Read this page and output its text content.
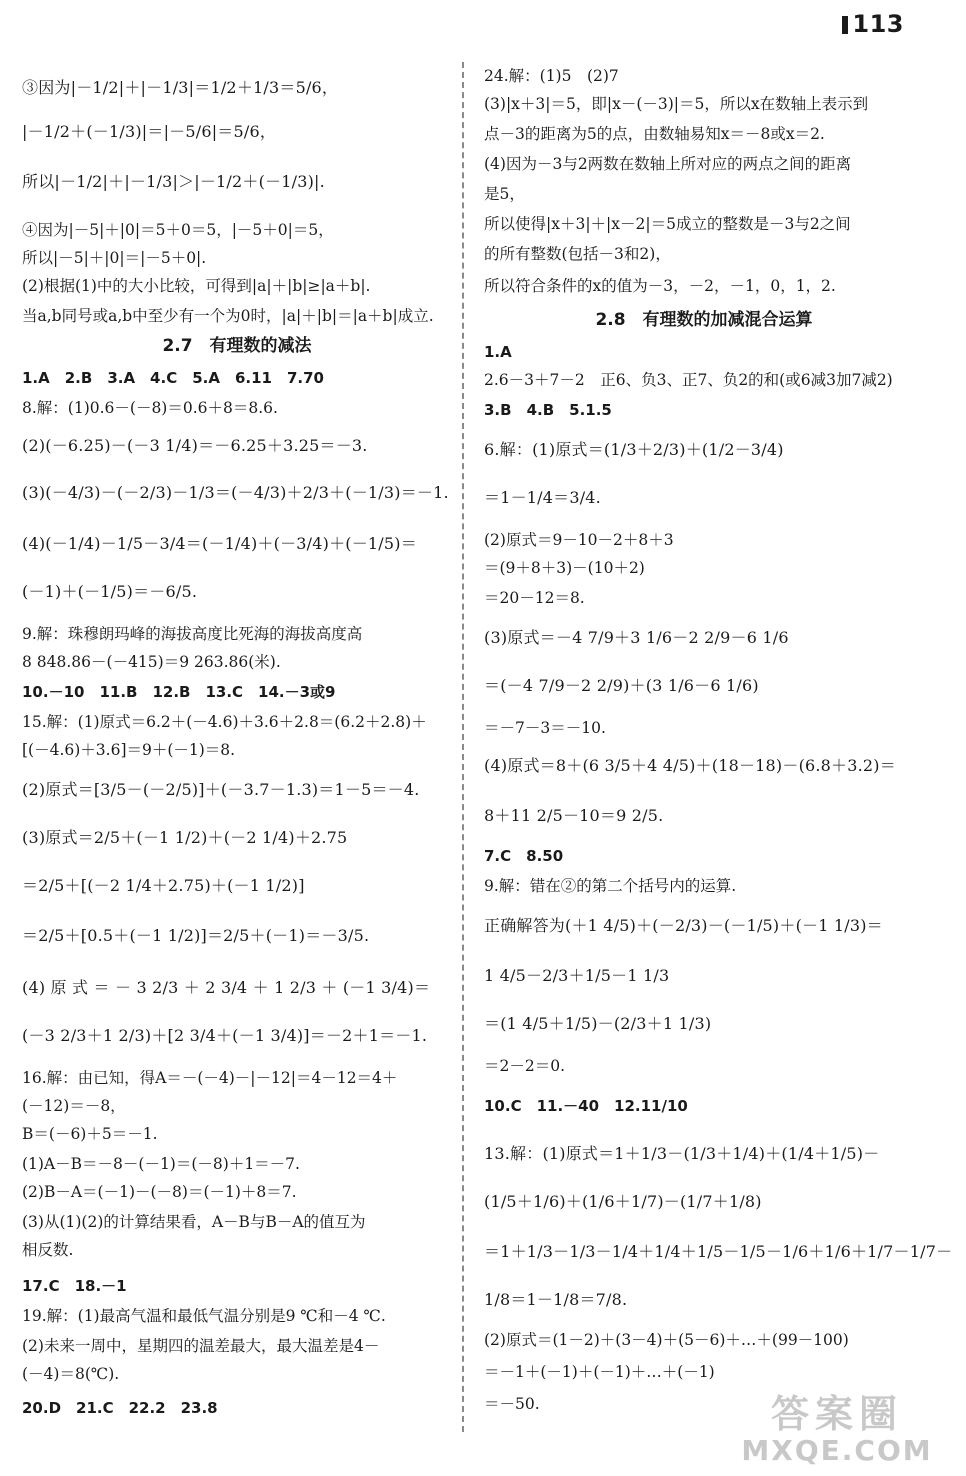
113
③因为|－1/2|＋|－1/3|＝1/2＋1/3＝5/6，
|－1/2＋(－1/3)|＝|－5/6|＝5/6，
所以|－1/2|＋|－1/3|＞|－1/2＋(－1/3)|.
④因为|－5|＋|0|＝5＋0＝5，|－5＋0|＝5，
所以|－5|＋|0|＝|－5＋0|.
(2)根据(1)中的大小比较，可得到|a|＋|b|≥|a＋b|.
当a,b同号或a,b中至少有一个为0时，|a|＋|b|＝|a＋b|成立.
2.7　有理数的减法
1.A　2.B　3.A　4.C　5.A　6.11　7.70
8.解：(1)0.6－(－8)＝0.6＋8＝8.6.
(2)(－6.25)－(－3 1/4)＝－6.25＋3.25＝－3.
(3)(－4/3)－(－2/3)－1/3＝(－4/3)＋2/3＋(－1/3)＝－1.
(4)(－1/4)－1/5－3/4＝(－1/4)＋(－3/4)＋(－1/5)＝
(－1)＋(－1/5)＝－6/5.
9.解：珠穆朗玛峰的海拔高度比死海的海拔高度高
8 848.86－(－415)＝9 263.86(米).
10.－10　11.B　12.B　13.C　14.－3或9
15.解：(1)原式＝6.2＋(－4.6)＋3.6＋2.8＝(6.2＋2.8)＋
[(－4.6)＋3.6]＝9＋(－1)＝8.
(2)原式＝[3/5－(－2/5)]＋(－3.7－1.3)＝1－5＝－4.
(3)原式＝2/5＋(－1 1/2)＋(－2 1/4)＋2.75
＝2/5＋[(－2 1/4＋2.75)＋(－1 1/2)]
＝2/5＋[0.5＋(－1 1/2)]＝2/5＋(－1)＝－3/5.
(4) 原 式 ＝ － 3 2/3 ＋ 2 3/4 ＋ 1 2/3 ＋ (－1 3/4)＝
(－3 2/3＋1 2/3)＋[2 3/4＋(－1 3/4)]＝－2＋1＝－1.
16.解：由已知，得A＝－(－4)－|－12|＝4－12＝4＋
(－12)＝－8，
B＝(－6)＋5＝－1.
(1)A－B＝－8－(－1)＝(－8)＋1＝－7.
(2)B－A＝(－1)－(－8)＝(－1)＋8＝7.
(3)从(1)(2)的计算结果看，A－B与B－A的值互为
相反数.
17.C　18.－1
19.解：(1)最高气温和最低气温分别是9 ℃和－4 ℃.
(2)未来一周中，星期四的温差最大，最大温差是4－
(－4)＝8(℃).
20.D　21.C　22.2　23.8
24.解：(1)5　(2)7
(3)|x＋3|＝5，即|x－(－3)|＝5，所以x在数轴上表示到
点－3的距离为5的点，由数轴易知x＝－8或x＝2.
(4)因为－3与2两数在数轴上所对应的两点之间的距离
是5，
所以使得|x＋3|＋|x－2|＝5成立的整数是－3与2之间
的所有整数(包括－3和2)，
所以符合条件的x的值为－3，－2，－1，0，1，2.
2.8　有理数的加减混合运算
1.A
2.6－3＋7－2　正6、负3、正7、负2的和(或6减3加7减2)
3.B　4.B　5.1.5
6.解：(1)原式＝(1/3＋2/3)＋(1/2－3/4)
＝1－1/4＝3/4.
(2)原式＝9－10－2＋8＋3
＝(9＋8＋3)－(10＋2)
＝20－12＝8.
(3)原式＝－4 7/9＋3 1/6－2 2/9－6 1/6
＝(－4 7/9－2 2/9)＋(3 1/6－6 1/6)
＝－7－3＝－10.
(4)原式＝8＋(6 3/5＋4 4/5)＋(18－18)－(6.8＋3.2)＝
8＋11 2/5－10＝9 2/5.
7.C　8.50
9.解：错在②的第二个括号内的运算.
正确解答为(＋1 4/5)＋(－2/3)－(－1/5)＋(－1 1/3)＝
1 4/5－2/3＋1/5－1 1/3
＝(1 4/5＋1/5)－(2/3＋1 1/3)
＝2－2＝0.
10.C　11.－40　12.11/10
13.解：(1)原式＝1＋1/3－(1/3＋1/4)＋(1/4＋1/5)－
(1/5＋1/6)＋(1/6＋1/7)－(1/7＋1/8)
＝1＋1/3－1/3－1/4＋1/4＋1/5－1/5－1/6＋1/6＋1/7－1/7－
1/8＝1－1/8＝7/8.
(2)原式＝(1－2)＋(3－4)＋(5－6)＋…＋(99－100)
＝－1＋(－1)＋(－1)＋…＋(－1)
＝－50.	答案圈
MXQE.COM
